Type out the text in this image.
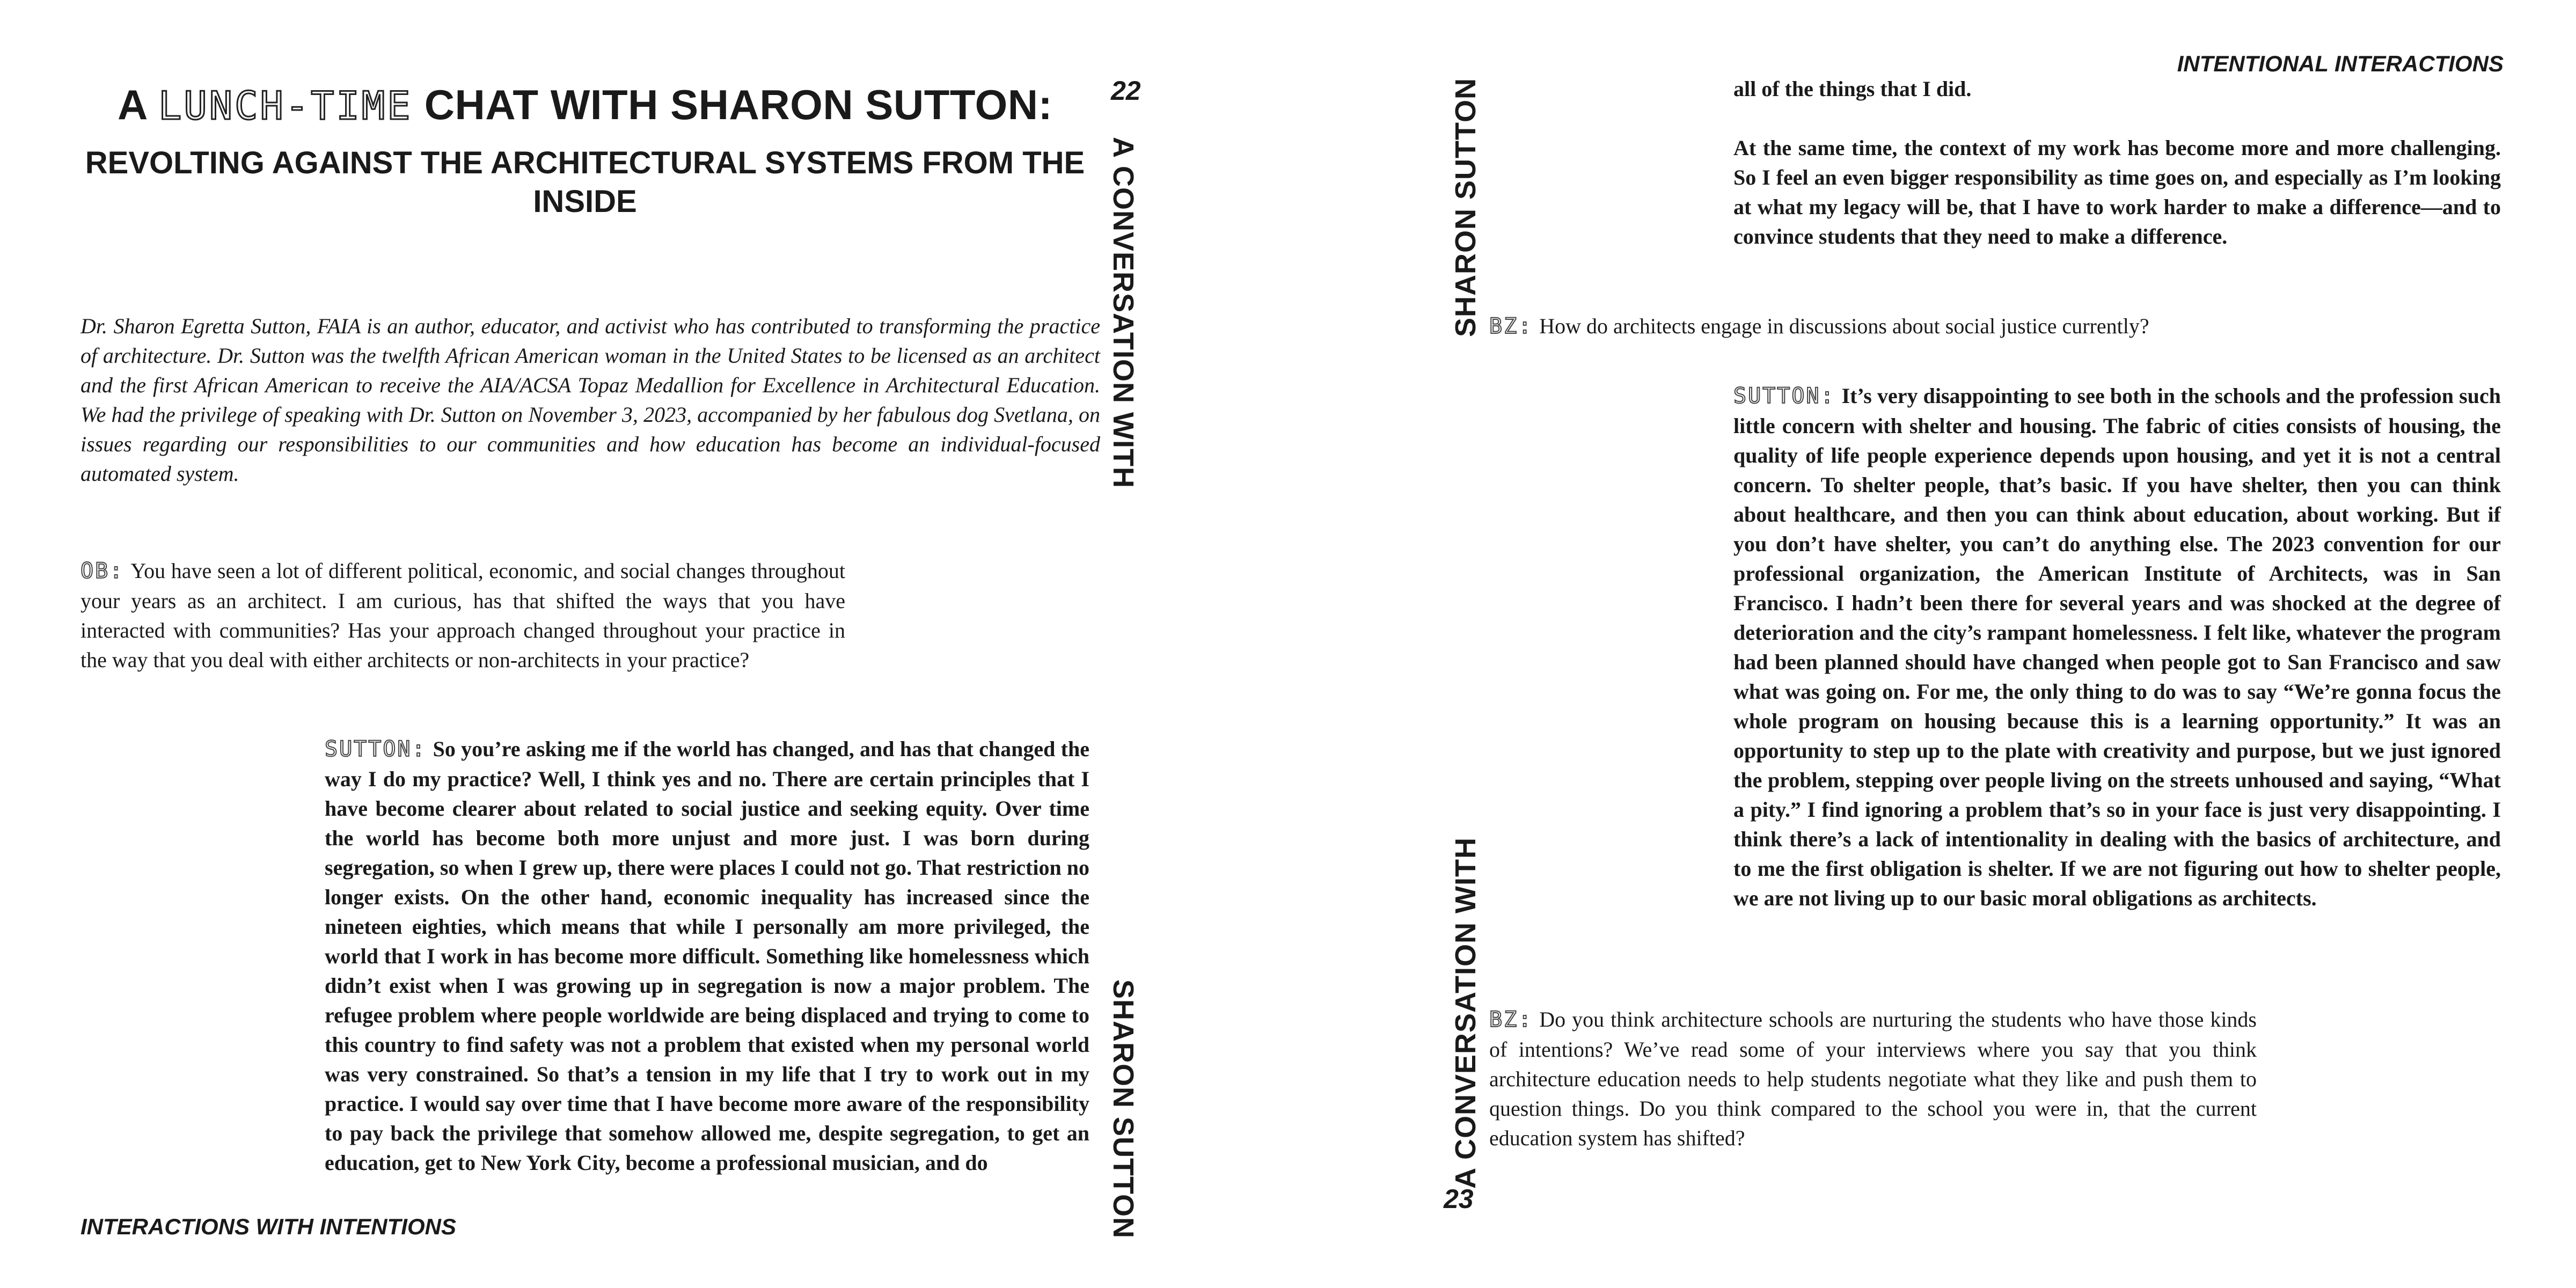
A LUNCH-TIME CHAT WITH SHARON SUTTON:
REVOLTING AGAINST THE ARCHITECTURAL SYSTEMS FROM THE INSIDE
22
A CONVERSATION WITH
SHARON SUTTON
Dr. Sharon Egretta Sutton, FAIA is an author, educator, and activist who has contributed to transforming the practice of architecture. Dr. Sutton was the twelfth African American woman in the United States to be licensed as an architect and the first African American to receive the AIA/ACSA Topaz Medallion for Excellence in Architectural Education. We had the privilege of speaking with Dr. Sutton on November 3, 2023, accompanied by her fabulous dog Svetlana, on issues regarding our responsibilities to our communities and how education has become an individual-focused automated system.
OB: You have seen a lot of different political, economic, and social changes throughout your years as an architect. I am curious, has that shifted the ways that you have interacted with communities? Has your approach changed throughout your practice in the way that you deal with either architects or non-architects in your practice?
SUTTON: So you’re asking me if the world has changed, and has that changed the way I do my practice? Well, I think yes and no. There are certain principles that I have become clearer about related to social justice and seeking equity. Over time the world has become both more unjust and more just. I was born during segregation, so when I grew up, there were places I could not go. That restriction no longer exists. On the other hand, economic inequality has increased since the nineteen eighties, which means that while I personally am more privileged, the world that I work in has become more difficult. Something like homelessness which didn’t exist when I was growing up in segregation is now a major problem. The refugee problem where people worldwide are being displaced and trying to come to this country to find safety was not a problem that existed when my personal world was very constrained. So that’s a tension in my life that I try to work out in my practice. I would say over time that I have become more aware of the responsibility to pay back the privilege that somehow allowed me, despite segregation, to get an education, get to New York City, become a professional musician, and do
INTERACTIONS WITH INTENTIONS
INTENTIONAL INTERACTIONS
SHARON SUTTON
A CONVERSATION WITH
23
all of the things that I did.
At the same time, the context of my work has become more and more challenging. So I feel an even bigger responsibility as time goes on, and especially as I’m looking at what my legacy will be, that I have to work harder to make a difference—and to convince students that they need to make a difference.
BZ: How do architects engage in discussions about social justice currently?
SUTTON: It’s very disappointing to see both in the schools and the profession such little concern with shelter and housing. The fabric of cities consists of housing, the quality of life people experience depends upon housing, and yet it is not a central concern. To shelter people, that’s basic. If you have shelter, then you can think about healthcare, and then you can think about education, about working. But if you don’t have shelter, you can’t do anything else. The 2023 convention for our professional organization, the American Institute of Architects, was in San Francisco. I hadn’t been there for several years and was shocked at the degree of deterioration and the city’s rampant homelessness. I felt like, whatever the program had been planned should have changed when people got to San Francisco and saw what was going on. For me, the only thing to do was to say “We’re gonna focus the whole program on housing because this is a learning opportunity.” It was an opportunity to step up to the plate with creativity and purpose, but we just ignored the problem, stepping over people living on the streets unhoused and saying, “What a pity.” I find ignoring a problem that’s so in your face is just very disappointing. I think there’s a lack of intentionality in dealing with the basics of architecture, and to me the first obligation is shelter. If we are not figuring out how to shelter people, we are not living up to our basic moral obligations as architects.
BZ: Do you think architecture schools are nurturing the students who have those kinds of intentions? We’ve read some of your interviews where you say that you think architecture education needs to help students negotiate what they like and push them to question things. Do you think compared to the school you were in, that the current education system has shifted?
